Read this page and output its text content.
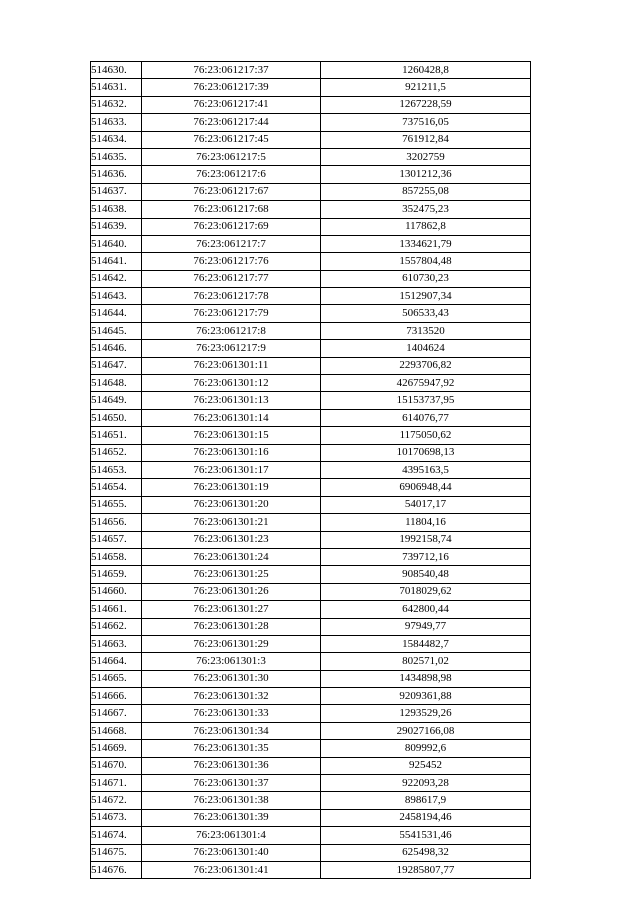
514630.	76:23:061217:37	1260428,8
514631.	76:23:061217:39	921211,5
514632.	76:23:061217:41	1267228,59
514633.	76:23:061217:44	737516,05
514634.	76:23:061217:45	761912,84
514635.	76:23:061217:5	3202759
514636.	76:23:061217:6	1301212,36
514637.	76:23:061217:67	857255,08
514638.	76:23:061217:68	352475,23
514639.	76:23:061217:69	117862,8
514640.	76:23:061217:7	1334621,79
514641.	76:23:061217:76	1557804,48
514642.	76:23:061217:77	610730,23
514643.	76:23:061217:78	1512907,34
514644.	76:23:061217:79	506533,43
514645.	76:23:061217:8	7313520
514646.	76:23:061217:9	1404624
514647.	76:23:061301:11	2293706,82
514648.	76:23:061301:12	42675947,92
514649.	76:23:061301:13	15153737,95
514650.	76:23:061301:14	614076,77
514651.	76:23:061301:15	1175050,62
514652.	76:23:061301:16	10170698,13
514653.	76:23:061301:17	4395163,5
514654.	76:23:061301:19	6906948,44
514655.	76:23:061301:20	54017,17
514656.	76:23:061301:21	11804,16
514657.	76:23:061301:23	1992158,74
514658.	76:23:061301:24	739712,16
514659.	76:23:061301:25	908540,48
514660.	76:23:061301:26	7018029,62
514661.	76:23:061301:27	642800,44
514662.	76:23:061301:28	97949,77
514663.	76:23:061301:29	1584482,7
514664.	76:23:061301:3	802571,02
514665.	76:23:061301:30	1434898,98
514666.	76:23:061301:32	9209361,88
514667.	76:23:061301:33	1293529,26
514668.	76:23:061301:34	29027166,08
514669.	76:23:061301:35	809992,6
514670.	76:23:061301:36	925452
514671.	76:23:061301:37	922093,28
514672.	76:23:061301:38	898617,9
514673.	76:23:061301:39	2458194,46
514674.	76:23:061301:4	5541531,46
514675.	76:23:061301:40	625498,32
514676.	76:23:061301:41	19285807,77
